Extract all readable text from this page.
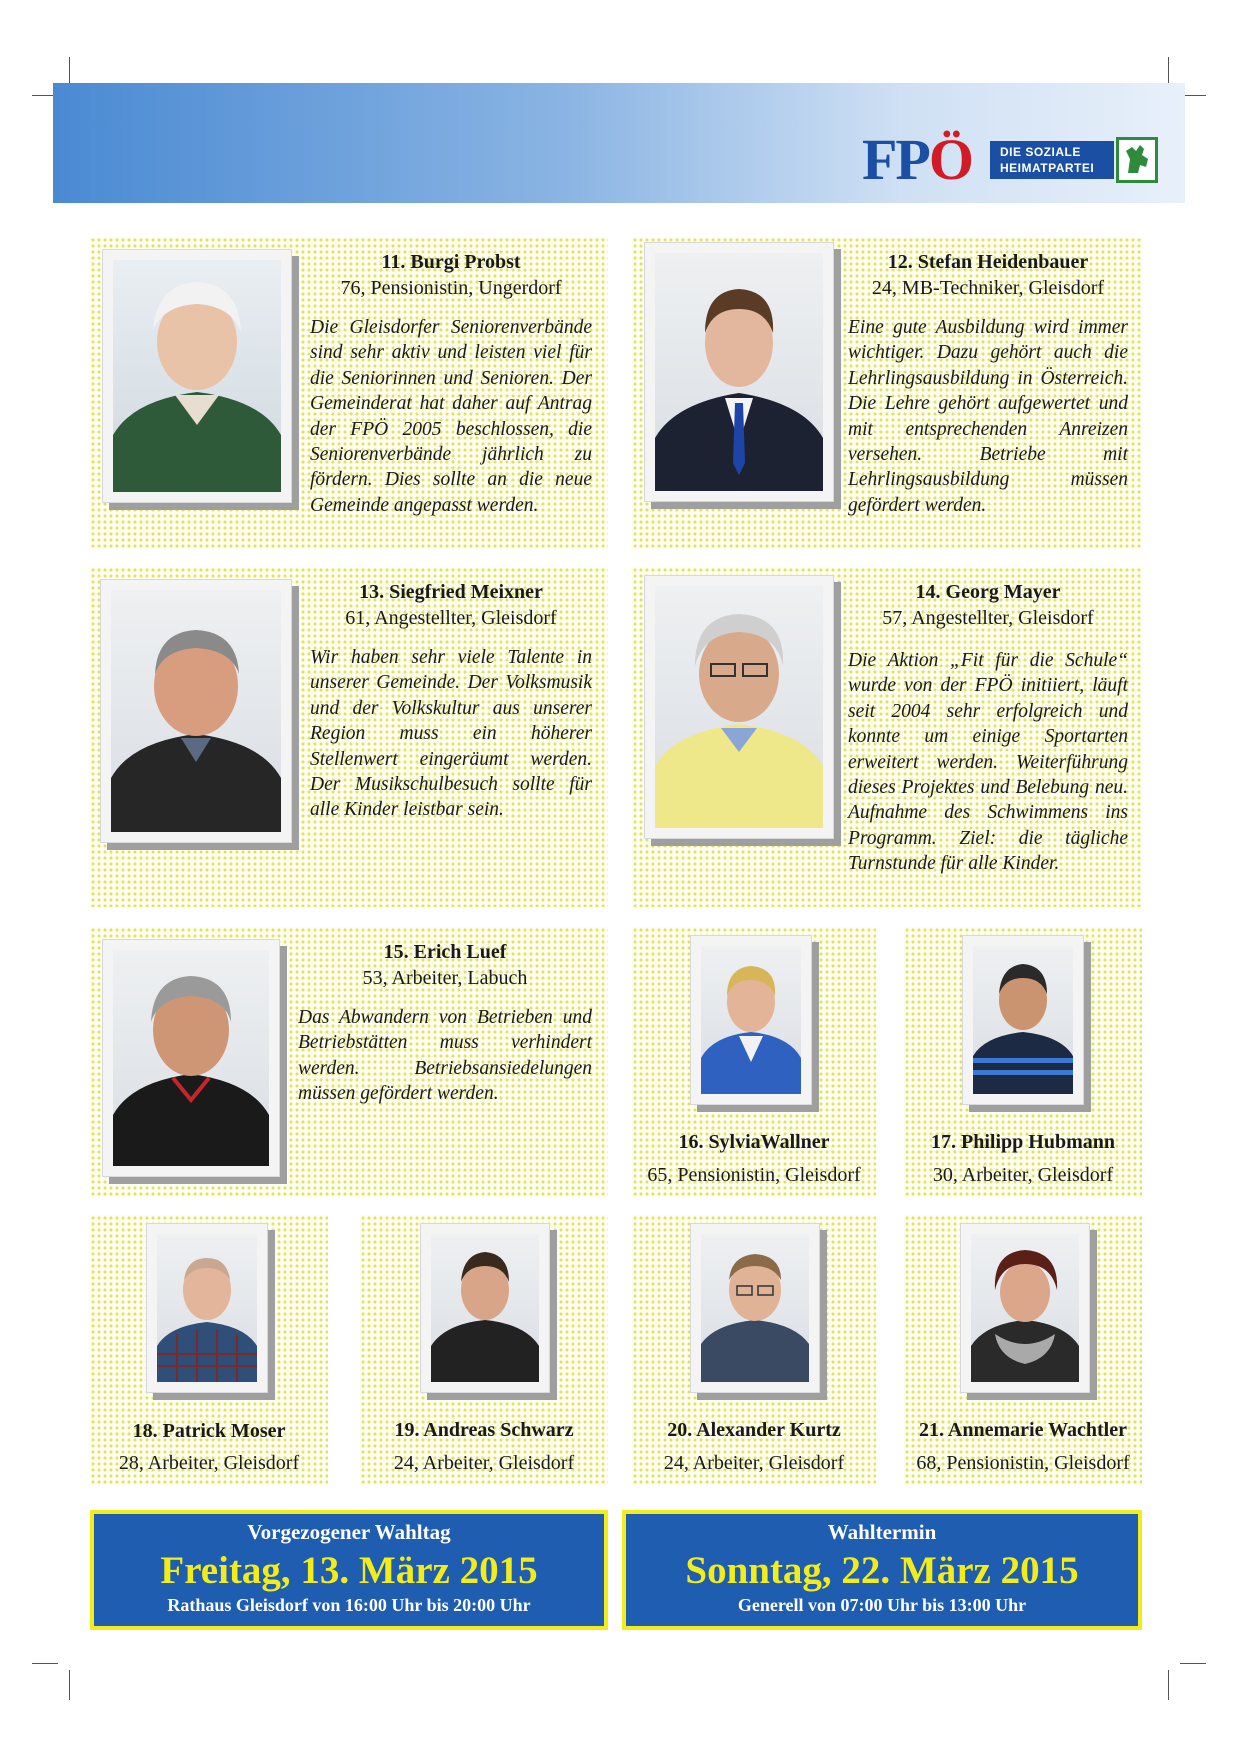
FPÖ DIE SOZIALE
HEIMATPARTEI
11. Burgi Probst
76, Pensionistin, Ungerdorf
Die Gleisdorfer Seniorenverbände sind sehr aktiv und leisten viel für die Seniorinnen und Senioren. Der Gemeinderat hat daher auf Antrag der FPÖ 2005 beschlossen, die Seniorenverbände jährlich zu fördern. Dies sollte an die neue Gemeinde angepasst werden.
12. Stefan Heidenbauer
24, MB-Techniker, Gleisdorf
Eine gute Ausbildung wird immer wichtiger. Dazu gehört auch die Lehrlingsausbildung in Österreich. Die Lehre gehört aufgewertet und mit entsprechenden Anreizen versehen. Betriebe mit Lehrlingsausbildung müssen gefördert werden.
13. Siegfried Meixner
61, Angestellter, Gleisdorf
Wir haben sehr viele Talente in unserer Gemeinde. Der Volksmusik und der Volkskultur aus unserer Region muss ein höherer Stellenwert eingeräumt werden. Der Musikschulbesuch sollte für alle Kinder leistbar sein.
14. Georg Mayer
57, Angestellter, Gleisdorf
Die Aktion „Fit für die Schule“ wurde von der FPÖ initiiert, läuft seit 2004 sehr erfolgreich und konnte um einige Sportarten erweitert werden. Weiterführung dieses Projektes und Belebung neu. Aufnahme des Schwimmens ins Programm. Ziel: die tägliche Turnstunde für alle Kinder.
15. Erich Luef
53, Arbeiter, Labuch
Das Abwandern von Betrieben und Betriebstätten muss verhindert werden. Betriebsansiedelungen müssen gefördert werden.
16. SylviaWallner
65, Pensionistin, Gleisdorf
17. Philipp Hubmann
30, Arbeiter, Gleisdorf
18. Patrick Moser
28, Arbeiter, Gleisdorf
19. Andreas Schwarz
24, Arbeiter, Gleisdorf
20. Alexander Kurtz
24, Arbeiter, Gleisdorf
21. Annemarie Wachtler
68, Pensionistin, Gleisdorf
Vorgezogener Wahltag
Freitag, 13. März 2015
Rathaus Gleisdorf von 16:00 Uhr bis 20:00 Uhr
Wahltermin
Sonntag, 22. März 2015
Generell von 07:00 Uhr bis 13:00 Uhr
